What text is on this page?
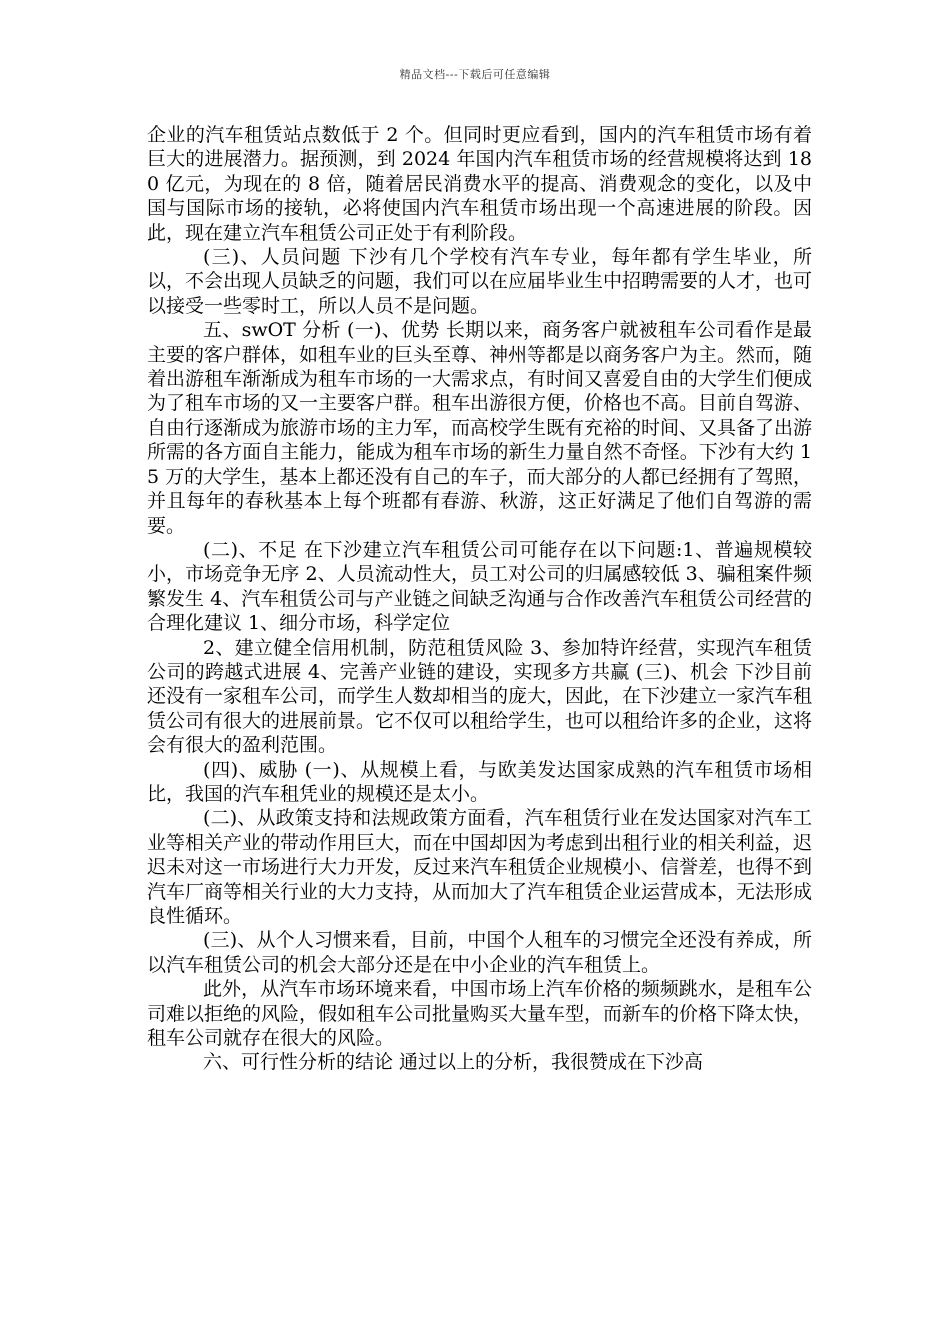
精品文档---下载后可任意编辑

企业的汽车租赁站点数低于 2 个。但同时更应看到，国内的汽车租赁市场有着巨大的进展潜力。据预测，到 2024 年国内汽车租赁市场的经营规模将达到 180 亿元，为现在的 8 倍，随着居民消费水平的提高、消费观念的变化，以及中国与国际市场的接轨，必将使国内汽车租赁市场出现一个高速进展的阶段。因此，现在建立汽车租赁公司正处于有利阶段。

(三)、人员问题 下沙有几个学校有汽车专业，每年都有学生毕业，所以，不会出现人员缺乏的问题，我们可以在应届毕业生中招聘需要的人才，也可以接受一些零时工，所以人员不是问题。

五、swOT 分析 (一)、优势 长期以来，商务客户就被租车公司看作是最主要的客户群体，如租车业的巨头至尊、神州等都是以商务客户为主。然而，随着出游租车渐渐成为租车市场的一大需求点，有时间又喜爱自由的大学生们便成为了租车市场的又一主要客户群。租车出游很方便，价格也不高。目前自驾游、自由行逐渐成为旅游市场的主力军，而高校学生既有充裕的时间、又具备了出游所需的各方面自主能力，能成为租车市场的新生力量自然不奇怪。下沙有大约 15 万的大学生，基本上都还没有自己的车子，而大部分的人都已经拥有了驾照，并且每年的春秋基本上每个班都有春游、秋游，这正好满足了他们自驾游的需要。

(二)、不足 在下沙建立汽车租赁公司可能存在以下问题:1、普遍规模较小，市场竞争无序 2、人员流动性大，员工对公司的归属感较低 3、骗租案件频繁发生 4、汽车租赁公司与产业链之间缺乏沟通与合作改善汽车租赁公司经营的合理化建议 1、细分市场，科学定位

2、建立健全信用机制，防范租赁风险 3、参加特许经营，实现汽车租赁公司的跨越式进展 4、完善产业链的建设，实现多方共赢 (三)、机会 下沙目前还没有一家租车公司，而学生人数却相当的庞大，因此，在下沙建立一家汽车租赁公司有很大的进展前景。它不仅可以租给学生，也可以租给许多的企业，这将会有很大的盈利范围。

(四)、威胁 (一)、从规模上看，与欧美发达国家成熟的汽车租赁市场相比，我国的汽车租凭业的规模还是太小。

(二)、从政策支持和法规政策方面看，汽车租赁行业在发达国家对汽车工业等相关产业的带动作用巨大，而在中国却因为考虑到出租行业的相关利益，迟迟未对这一市场进行大力开发，反过来汽车租赁企业规模小、信誉差，也得不到汽车厂商等相关行业的大力支持，从而加大了汽车租赁企业运营成本，无法形成良性循环。

(三)、从个人习惯来看，目前，中国个人租车的习惯完全还没有养成，所以汽车租赁公司的机会大部分还是在中小企业的汽车租赁上。

此外，从汽车市场环境来看，中国市场上汽车价格的频频跳水，是租车公司难以拒绝的风险，假如租车公司批量购买大量车型，而新车的价格下降太快，租车公司就存在很大的风险。

六、可行性分析的结论 通过以上的分析，我很赞成在下沙高
